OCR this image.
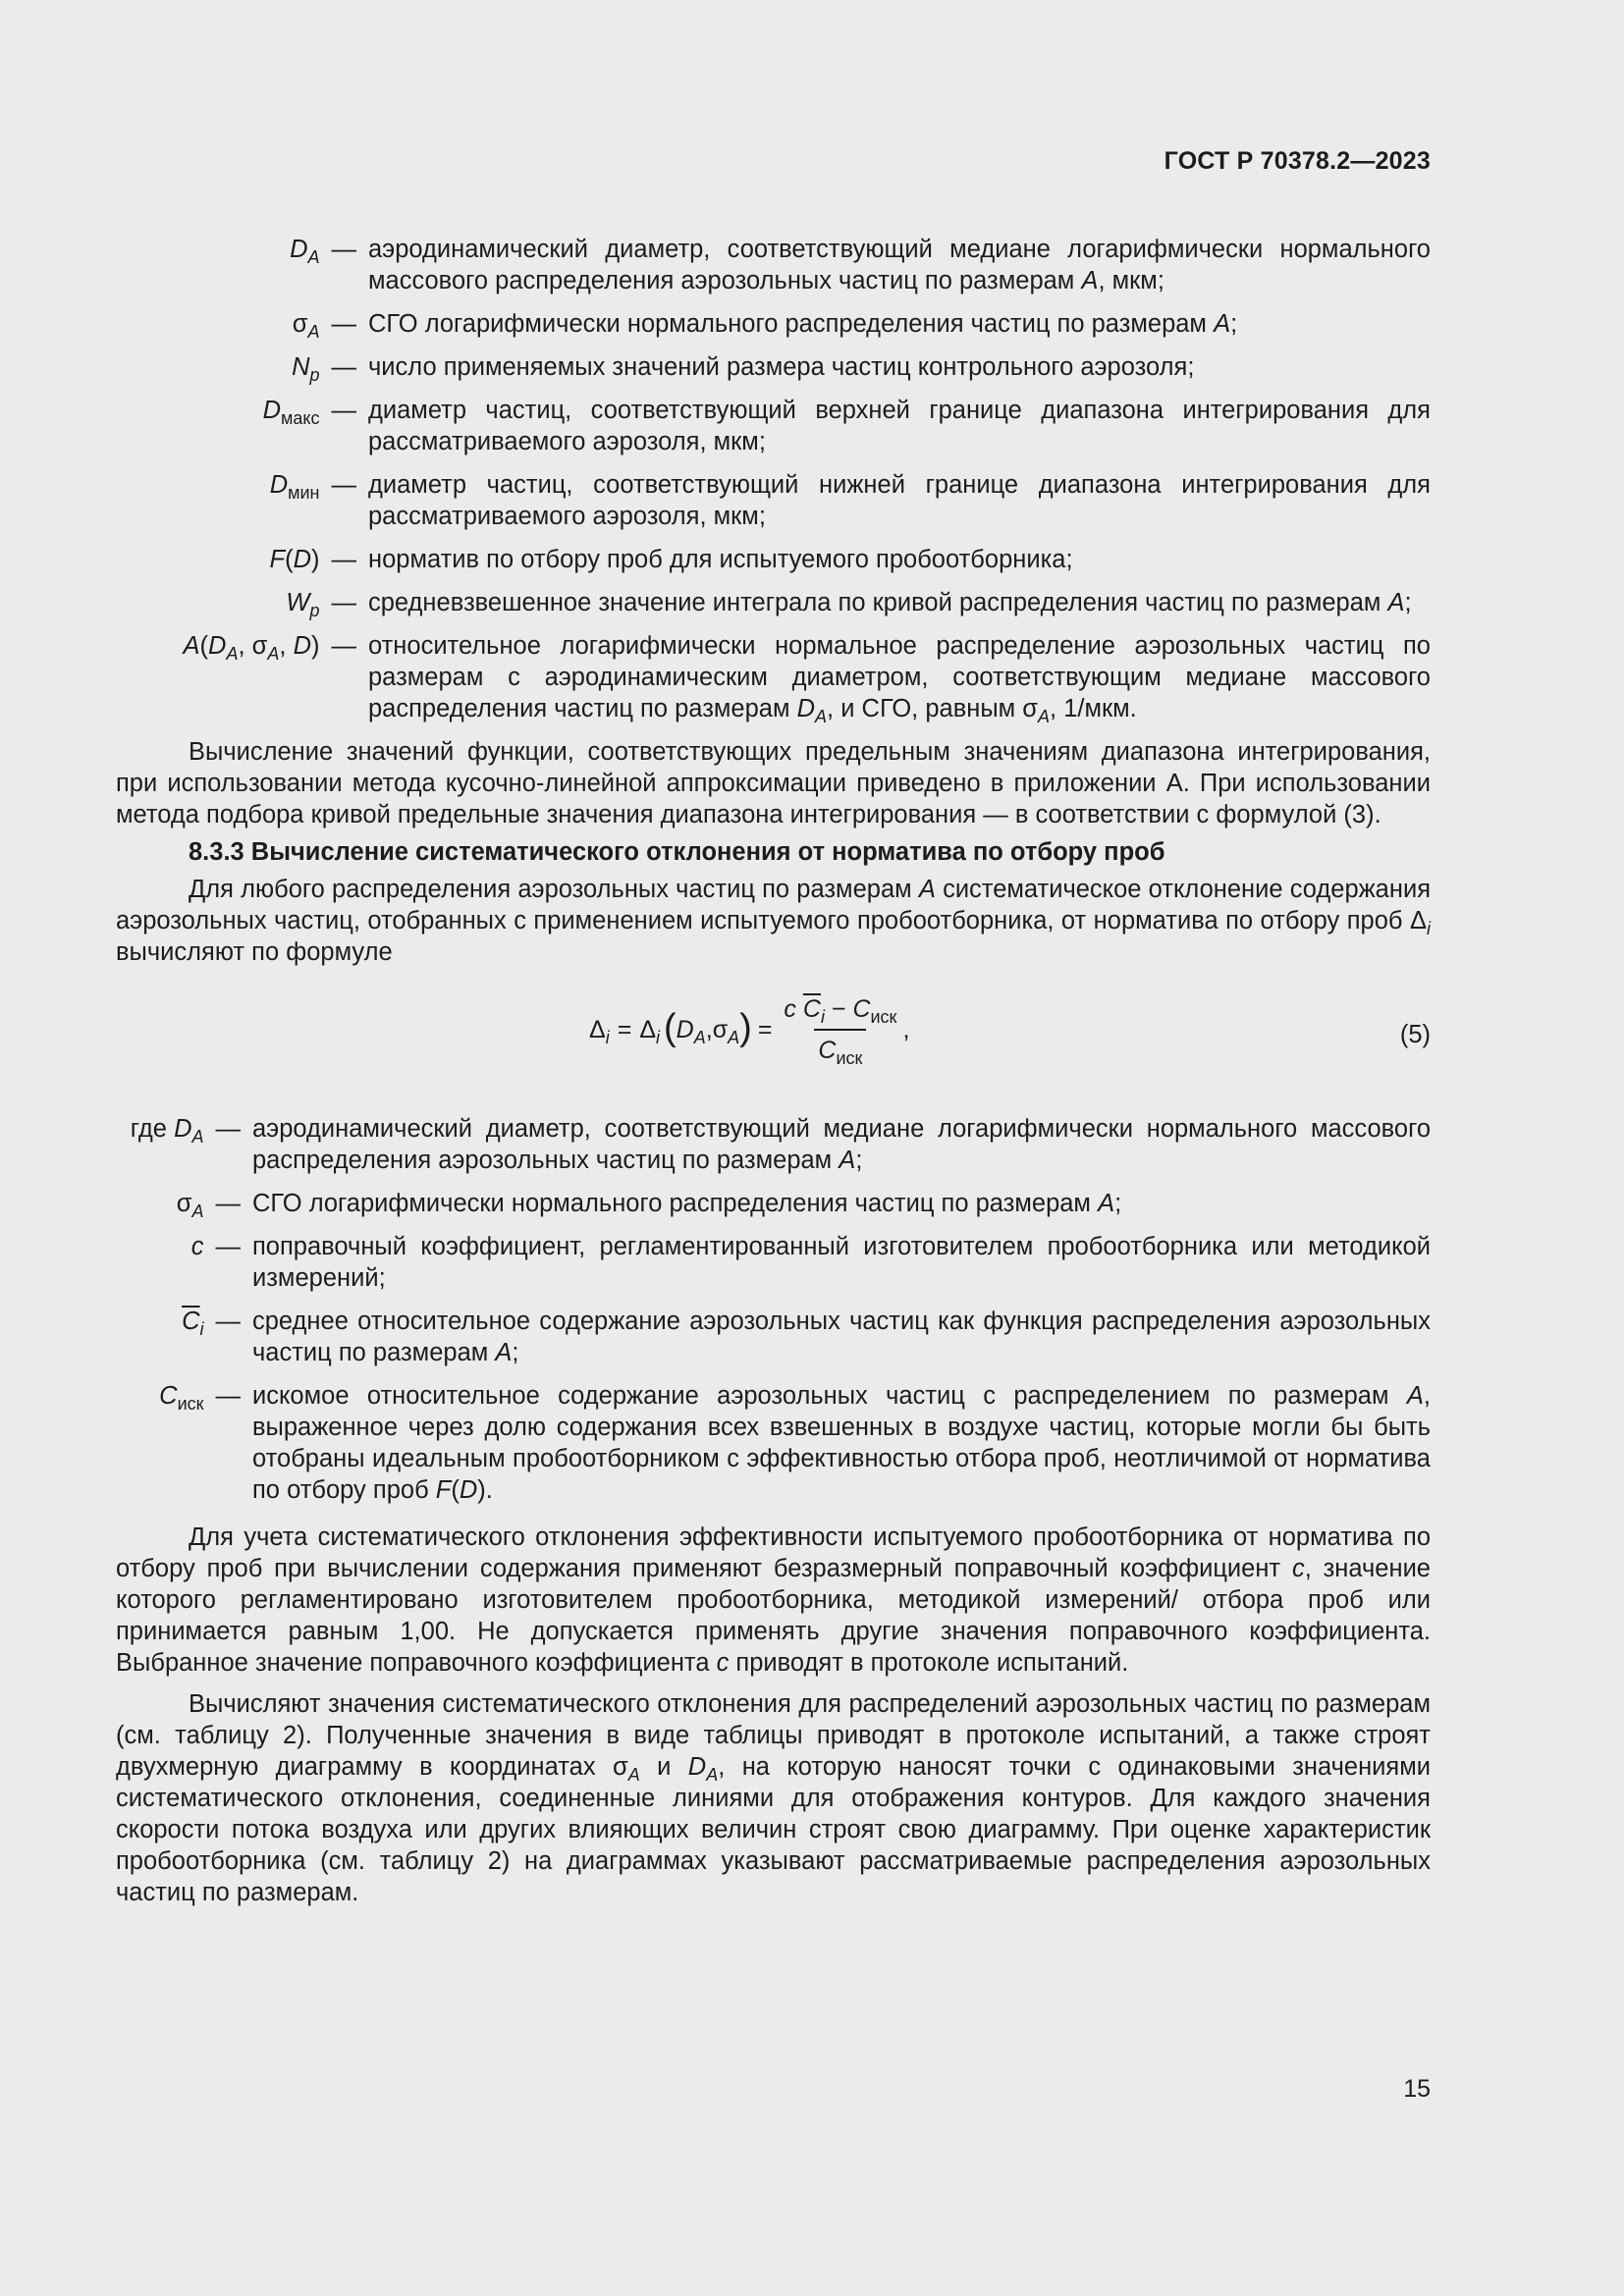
ГОСТ Р 70378.2—2023
$D_A$ — аэродинамический диаметр, соответствующий медиане логарифмически нормального массового распределения аэрозольных частиц по размерам A, мкм;
$\sigma_A$ — СГО логарифмически нормального распределения частиц по размерам A;
$N_p$ — число применяемых значений размера частиц контрольного аэрозоля;
$D_{макс}$ — диаметр частиц, соответствующий верхней границе диапазона интегрирования для рассматриваемого аэрозоля, мкм;
$D_{мин}$ — диаметр частиц, соответствующий нижней границе диапазона интегрирования для рассматриваемого аэрозоля, мкм;
F(D) — норматив по отбору проб для испытуемого пробоотборника;
$W_p$ — средневзвешенное значение интеграла по кривой распределения частиц по размерам A;
$A(D_A$, $\sigma_A$, D) — относительное логарифмически нормальное распределение аэрозольных частиц по размерам с аэродинамическим диаметром, соответствующим медиане массового распределения частиц по размерам $D_A$, и СГО, равным $\sigma_A$, 1/мкм.
Вычисление значений функции, соответствующих предельным значениям диапазона интегрирования, при использовании метода кусочно-линейной аппроксимации приведено в приложении А. При использовании метода подбора кривой предельные значения диапазона интегрирования — в соответствии с формулой (3).
8.3.3 Вычисление систематического отклонения от норматива по отбору проб
Для любого распределения аэрозольных частиц по размерам A систематическое отклонение содержания аэрозольных частиц, отобранных с применением испытуемого пробоотборника, от норматива по отбору проб $\Delta_i$ вычисляют по формуле
$\Delta_i = \Delta_i$ ( $D_A,\sigma_A$ ) = $\frac{c \overline{C}_i - C_{иск}}{C_{иск}}$ ,	(5)
где $D_A$ — аэродинамический диаметр, соответствующий медиане логарифмически нормального массового распределения аэрозольных частиц по размерам A;
$\sigma_A$ — СГО логарифмически нормального распределения частиц по размерам A;
c — поправочный коэффициент, регламентированный изготовителем пробоотборника или методикой измерений;
$\overline{C}_i$ — среднее относительное содержание аэрозольных частиц как функция распределения аэрозольных частиц по размерам A;
$C_{иск}$ — искомое относительное содержание аэрозольных частиц с распределением по размерам A, выраженное через долю содержания всех взвешенных в воздухе частиц, которые могли бы быть отобраны идеальным пробоотборником с эффективностью отбора проб, неотличимой от норматива по отбору проб F(D).
Для учета систематического отклонения эффективности испытуемого пробоотборника от норматива по отбору проб при вычислении содержания применяют безразмерный поправочный коэффициент c, значение которого регламентировано изготовителем пробоотборника, методикой измерений/ отбора проб или принимается равным 1,00. Не допускается применять другие значения поправочного коэффициента. Выбранное значение поправочного коэффициента c приводят в протоколе испытаний.
Вычисляют значения систематического отклонения для распределений аэрозольных частиц по размерам (см. таблицу 2). Полученные значения в виде таблицы приводят в протоколе испытаний, а также строят двухмерную диаграмму в координатах $\sigma_A$ и $D_A$, на которую наносят точки с одинаковыми значениями систематического отклонения, соединенные линиями для отображения контуров. Для каждого значения скорости потока воздуха или других влияющих величин строят свою диаграмму. При оценке характеристик пробоотборника (см. таблицу 2) на диаграммах указывают рассматриваемые распределения аэрозольных частиц по размерам.
15
